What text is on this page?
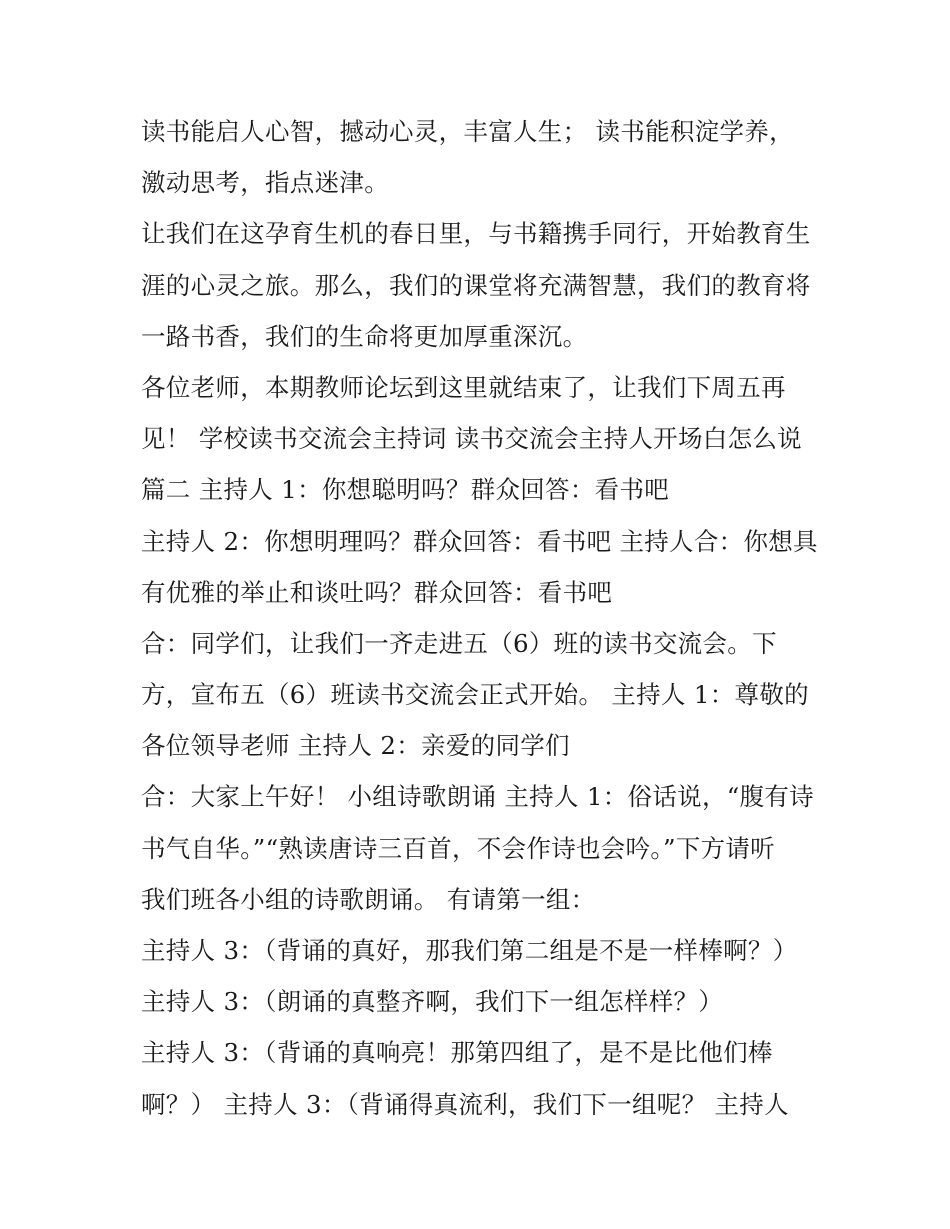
读书能启人心智，撼动心灵，丰富人生； 读书能积淀学养，
激动思考，指点迷津。
让我们在这孕育生机的春日里，与书籍携手同行，开始教育生
涯的心灵之旅。那么，我们的课堂将充满智慧，我们的教育将
一路书香，我们的生命将更加厚重深沉。
各位老师，本期教师论坛到这里就结束了，让我们下周五再
见！ 学校读书交流会主持词 读书交流会主持人开场白怎么说
篇二 主持人 1：你想聪明吗？群众回答：看书吧
主持人 2：你想明理吗？群众回答：看书吧 主持人合：你想具
有优雅的举止和谈吐吗？群众回答：看书吧
合：同学们，让我们一齐走进五（6）班的读书交流会。下
方，宣布五（6）班读书交流会正式开始。 主持人 1：尊敬的
各位领导老师 主持人 2：亲爱的同学们
合：大家上午好！ 小组诗歌朗诵 主持人 1：俗话说，“腹有诗
书气自华。”“熟读唐诗三百首，不会作诗也会吟。”下方请听
我们班各小组的诗歌朗诵。 有请第一组：
主持人 3：（背诵的真好，那我们第二组是不是一样棒啊？）
主持人 3：（朗诵的真整齐啊，我们下一组怎样样？）
主持人 3：（背诵的真响亮！那第四组了，是不是比他们棒
啊？） 主持人 3：（背诵得真流利，我们下一组呢？ 主持人
